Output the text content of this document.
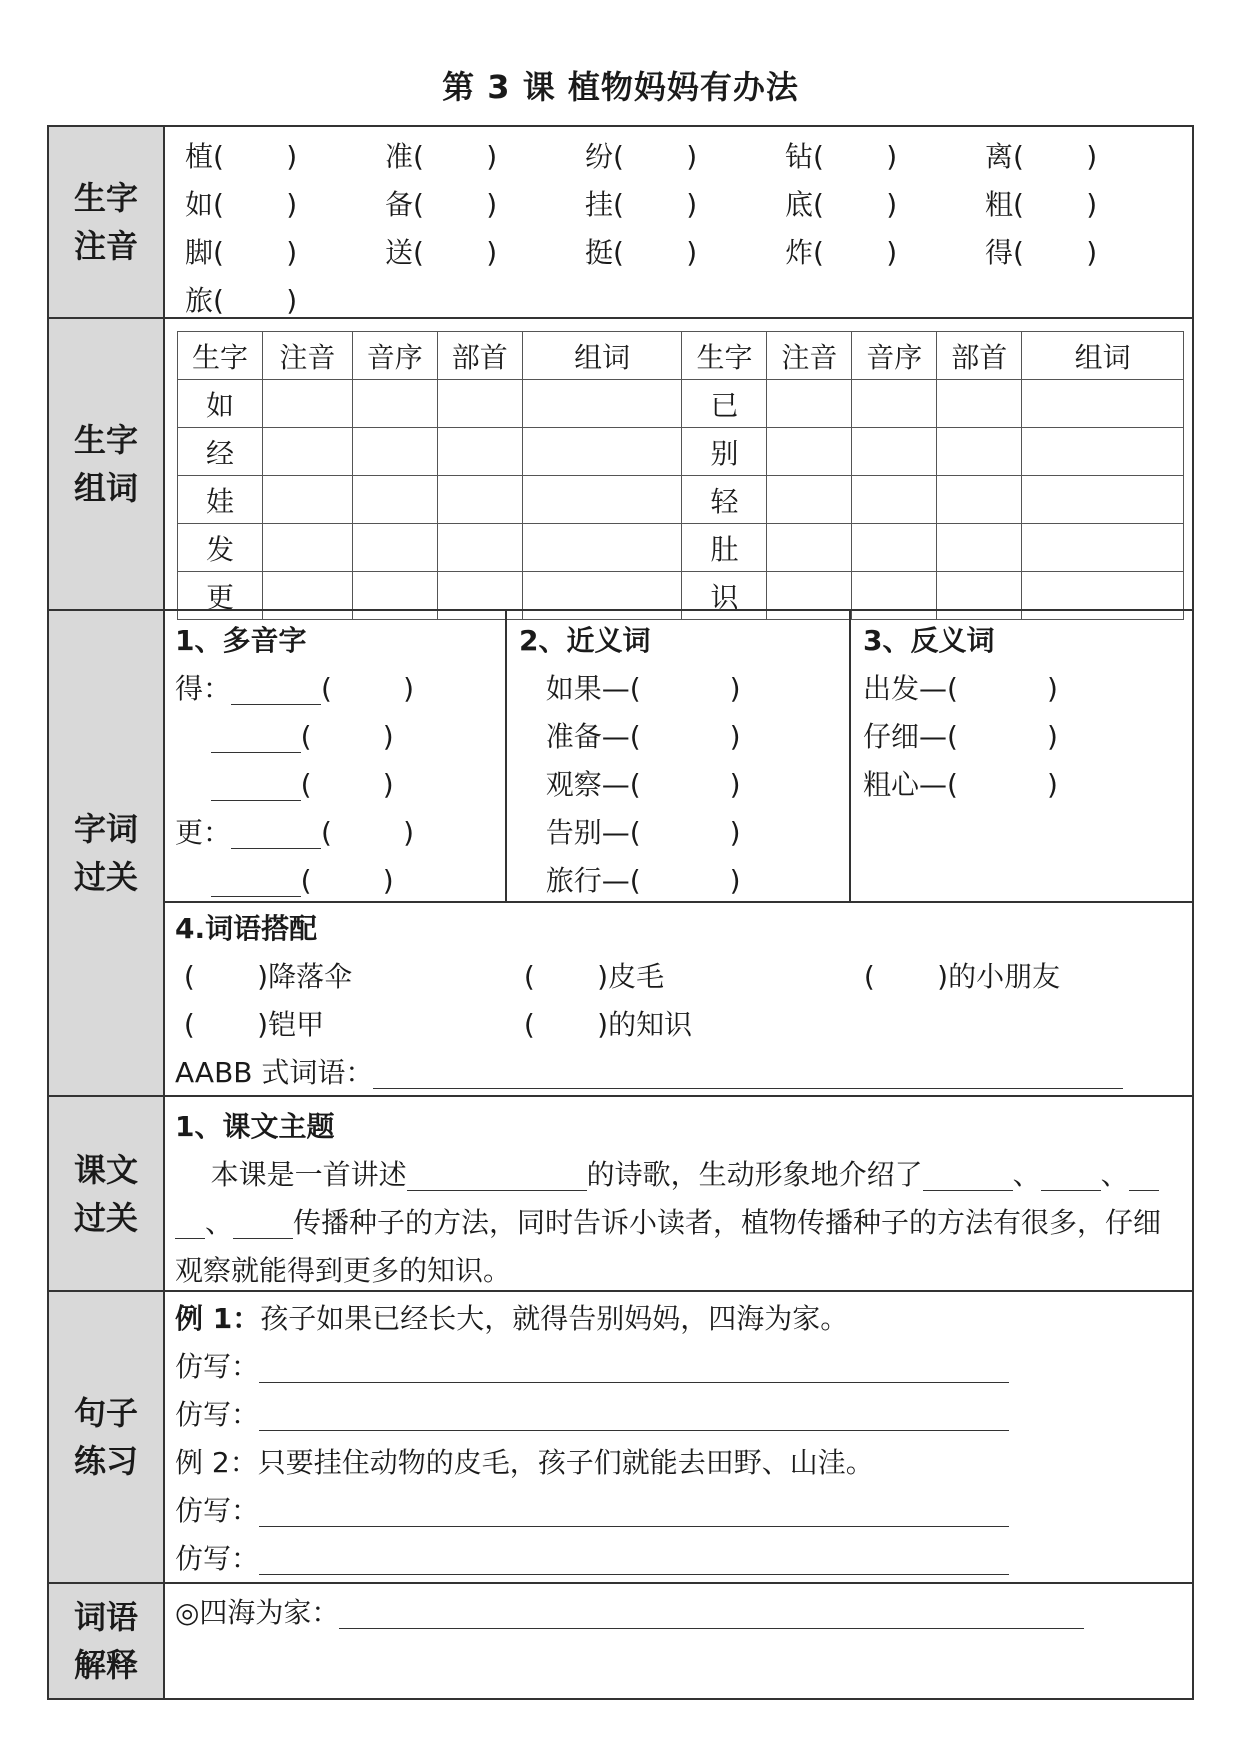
第 3 课 植物妈妈有办法
生字
注音
植(       )	准(       )	纷(       )	钻(       )	离(       )
如(       )	备(       )	挂(       )	底(       )	粗(       )
脚(       )	送(       )	挺(       )	炸(       )	得(       )
旅(       )
生字
组词
生字	注音	音序	部首	组词	生字	注音	音序	部首	组词
如					已				
经					别				
娃					轻				
发					肚				
更					识				
字词
过关
1、多音字
得：	(        )
(        )
(        )
更：	(        )
(        )
2、近义词
如果—(          )
准备—(          )
观察—(          )
告别—(          )
旅行—(          )
3、反义词
出发—(          )
仔细—(          )
粗心—(          )
4.词语搭配
(       )降落伞	(       )皮毛	(       )的小朋友
(       )铠甲	(       )的知识
AABB 式词语：
课文
过关
1、课文主题
本课是一首讲述	的诗歌，生动形象地介绍了	、 、
、 传播种子的方法，同时告诉小读者，植物传播种子的方法有很多，仔细
观察就能得到更多的知识。
句子
练习
例 1：孩子如果已经长大，就得告别妈妈，四海为家。
仿写：
仿写：
例 2：只要挂住动物的皮毛，孩子们就能去田野、山洼。
仿写：
仿写：
词语
解释
◎四海为家：
